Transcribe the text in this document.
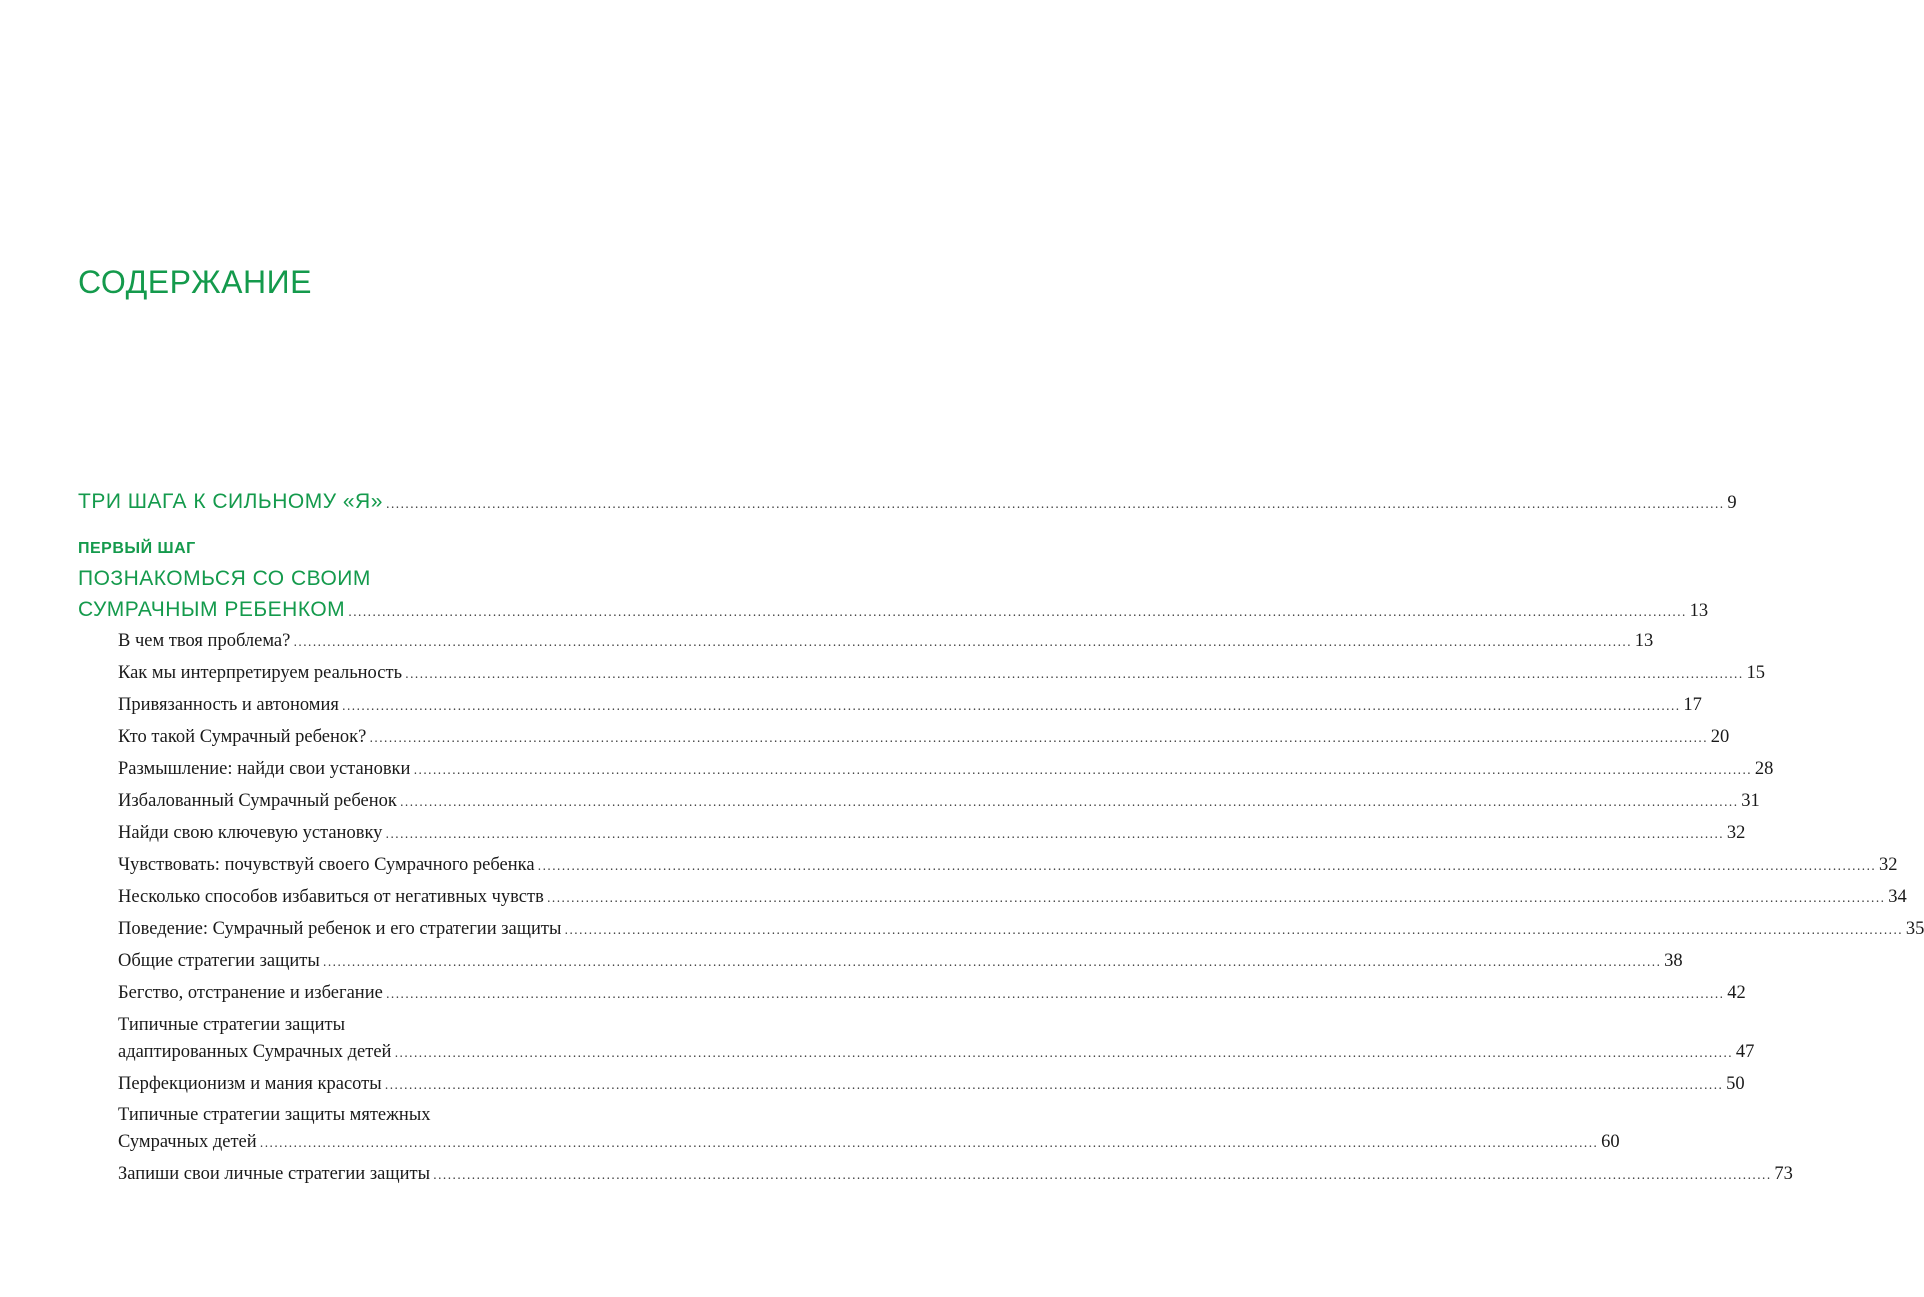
СОДЕРЖАНИЕ
ТРИ ШАГА К СИЛЬНОМУ «Я» ...................................................................................................................................................................................................................................................................................... 9
ПЕРВЫЙ ШАГ
ПОЗНАКОМЬСЯ СО СВОИМ
СУМРАЧНЫМ РЕБЕНКОМ ...................................................................................................................................................................................................................................................................................... 13
В чем твоя проблема? ...................................................................................................................................................................................................................................................................................... 13
Как мы интерпретируем реальность ...................................................................................................................................................................................................................................................................................... 15
Привязанность и автономия ...................................................................................................................................................................................................................................................................................... 17
Кто такой Сумрачный ребенок? ...................................................................................................................................................................................................................................................................................... 20
Размышление: найди свои установки ...................................................................................................................................................................................................................................................................................... 28
Избалованный Сумрачный ребенок ...................................................................................................................................................................................................................................................................................... 31
Найди свою ключевую установку ...................................................................................................................................................................................................................................................................................... 32
Чувствовать: почувствуй своего Сумрачного ребенка ...................................................................................................................................................................................................................................................................................... 32
Несколько способов избавиться от негативных чувств ...................................................................................................................................................................................................................................................................................... 34
Поведение: Сумрачный ребенок и его стратегии защиты ...................................................................................................................................................................................................................................................................................... 35
Общие стратегии защиты ...................................................................................................................................................................................................................................................................................... 38
Бегство, отстранение и избегание ...................................................................................................................................................................................................................................................................................... 42
Типичные стратегии защиты
адаптированных Сумрачных детей ...................................................................................................................................................................................................................................................................................... 47
Перфекционизм и мания красоты ...................................................................................................................................................................................................................................................................................... 50
Типичные стратегии защиты мятежных
Сумрачных детей ...................................................................................................................................................................................................................................................................................... 60
Запиши свои личные стратегии защиты ...................................................................................................................................................................................................................................................................................... 73
